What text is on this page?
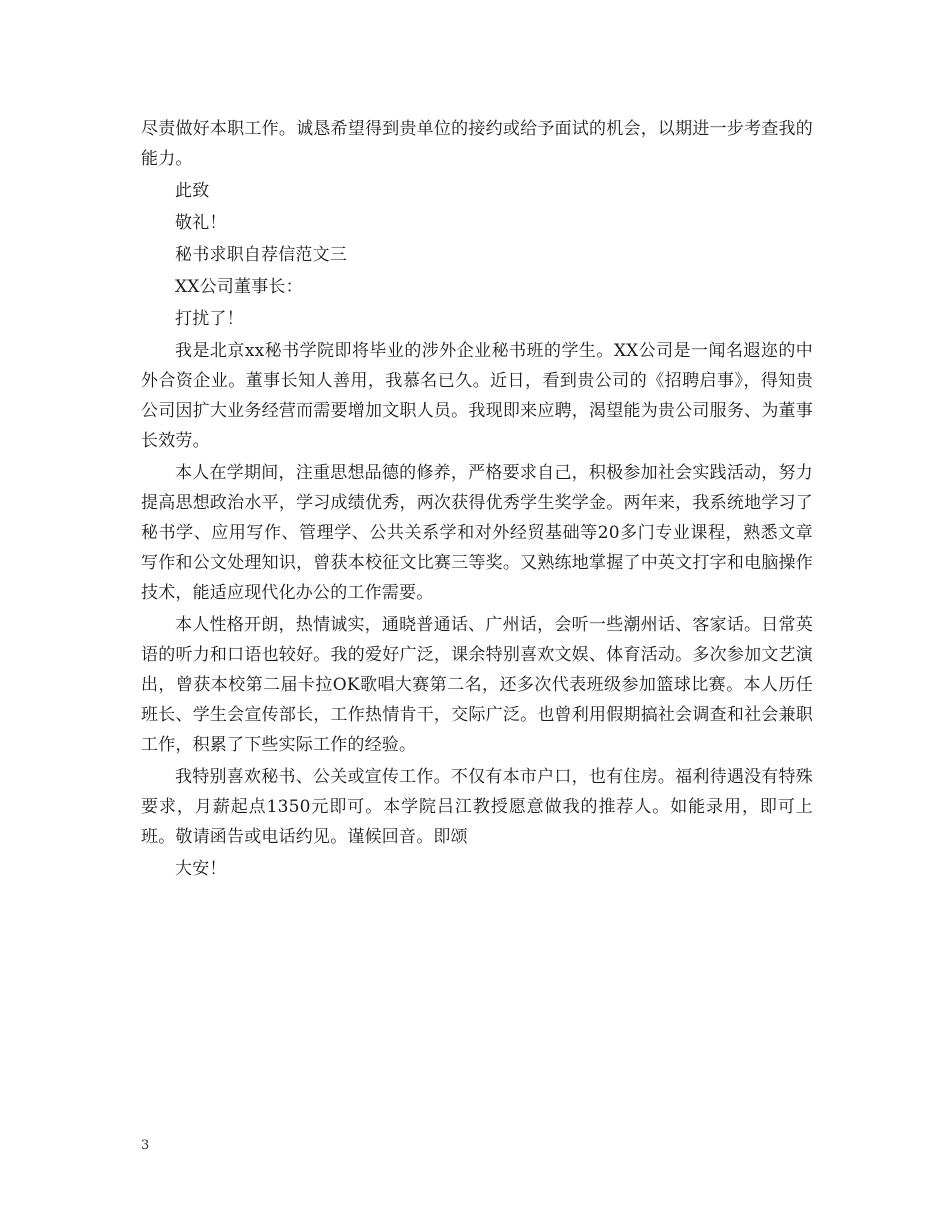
尽责做好本职工作。诚恳希望得到贵单位的接约或给予面试的机会，以期进一步考查我的能力。

此致

敬礼！

秘书求职自荐信范文三

XX公司董事长：

打扰了！

我是北京xx秘书学院即将毕业的涉外企业秘书班的学生。XX公司是一闻名遐迩的中外合资企业。董事长知人善用，我慕名已久。近日，看到贵公司的《招聘启事》，得知贵公司因扩大业务经营而需要增加文职人员。我现即来应聘，渴望能为贵公司服务、为董事长效劳。

本人在学期间，注重思想品德的修养，严格要求自己，积极参加社会实践活动，努力提高思想政治水平，学习成绩优秀，两次获得优秀学生奖学金。两年来，我系统地学习了秘书学、应用写作、管理学、公共关系学和对外经贸基础等20多门专业课程，熟悉文章写作和公文处理知识，曾获本校征文比赛三等奖。又熟练地掌握了中英文打字和电脑操作技术，能适应现代化办公的工作需要。

本人性格开朗，热情诚实，通晓普通话、广州话，会听一些潮州话、客家话。日常英语的听力和口语也较好。我的爱好广泛，课余特别喜欢文娱、体育活动。多次参加文艺演出，曾获本校第二届卡拉OK歌唱大赛第二名，还多次代表班级参加篮球比赛。本人历任班长、学生会宣传部长，工作热情肯干，交际广泛。也曾利用假期搞社会调查和社会兼职工作，积累了下些实际工作的经验。

我特别喜欢秘书、公关或宣传工作。不仅有本市户口，也有住房。福利待遇没有特殊要求，月薪起点1350元即可。本学院吕江教授愿意做我的推荐人。如能录用，即可上班。敬请函告或电话约见。谨候回音。即颂

大安！

3
